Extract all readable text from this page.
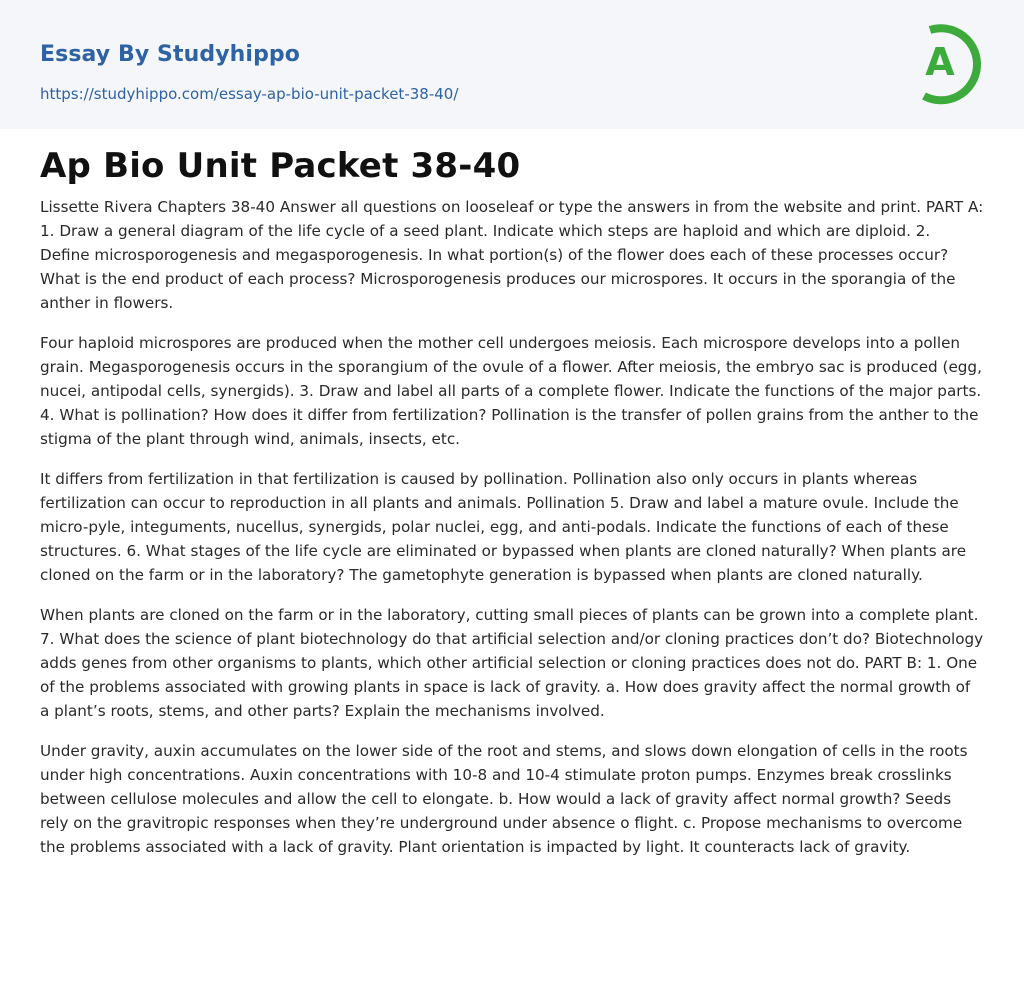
Essay By Studyhippo
https://studyhippo.com/essay-ap-bio-unit-packet-38-40/
A
Ap Bio Unit Packet 38-40

Lissette Rivera Chapters 38-40 Answer all questions on looseleaf or type the answers in from the website and print. PART A: 1. Draw a general diagram of the life cycle of a seed plant. Indicate which steps are haploid and which are diploid. 2. Define microsporogenesis and megasporogenesis. In what portion(s) of the flower does each of these processes occur? What is the end product of each process? Microsporogenesis produces our microspores. It occurs in the sporangia of the anther in flowers.

Four haploid microspores are produced when the mother cell undergoes meiosis. Each microspore develops into a pollen grain. Megasporogenesis occurs in the sporangium of the ovule of a flower. After meiosis, the embryo sac is produced (egg, nucei, antipodal cells, synergids). 3. Draw and label all parts of a complete flower. Indicate the functions of the major parts. 4. What is pollination? How does it differ from fertilization? Pollination is the transfer of pollen grains from the anther to the stigma of the plant through wind, animals, insects, etc.

It differs from fertilization in that fertilization is caused by pollination. Pollination also only occurs in plants whereas fertilization can occur to reproduction in all plants and animals. Pollination 5. Draw and label a mature ovule. Include the micro-pyle, integuments, nucellus, synergids, polar nuclei, egg, and anti-podals. Indicate the functions of each of these structures. 6. What stages of the life cycle are eliminated or bypassed when plants are cloned naturally? When plants are cloned on the farm or in the laboratory? The gametophyte generation is bypassed when plants are cloned naturally.

When plants are cloned on the farm or in the laboratory, cutting small pieces of plants can be grown into a complete plant. 7. What does the science of plant biotechnology do that artificial selection and/or cloning practices don’t do? Biotechnology adds genes from other organisms to plants, which other artificial selection or cloning practices does not do. PART B: 1. One of the problems associated with growing plants in space is lack of gravity. a. How does gravity affect the normal growth of a plant’s roots, stems, and other parts? Explain the mechanisms involved.

Under gravity, auxin accumulates on the lower side of the root and stems, and slows down elongation of cells in the roots under high concentrations. Auxin concentrations with 10-8 and 10-4 stimulate proton pumps. Enzymes break crosslinks between cellulose molecules and allow the cell to elongate. b. How would a lack of gravity affect normal growth? Seeds rely on the gravitropic responses when they’re underground under absence o flight. c. Propose mechanisms to overcome the problems associated with a lack of gravity. Plant orientation is impacted by light. It counteracts lack of gravity.
